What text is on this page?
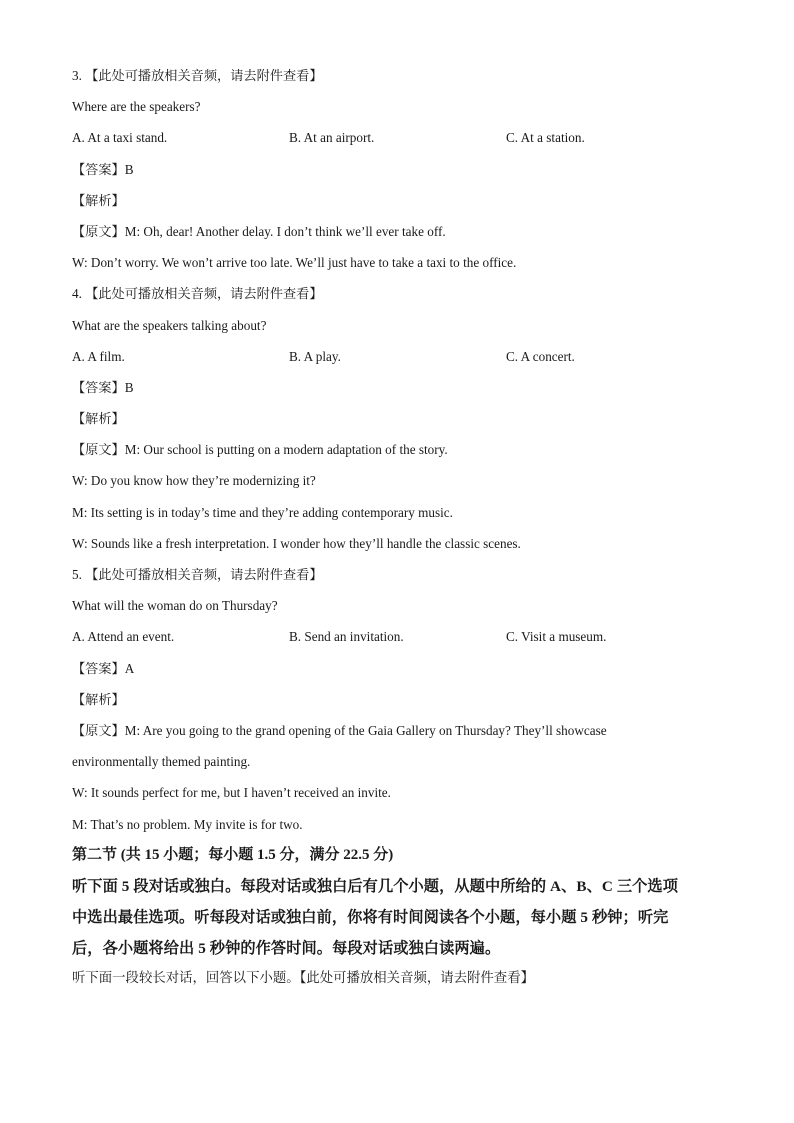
3. 【此处可播放相关音频，请去附件查看】
Where are the speakers?
A. At a taxi stand.	B. At an airport.	C. At a station.
【答案】B
【解析】
【原文】M: Oh, dear! Another delay. I don’t think we’ll ever take off.
W: Don’t worry. We won’t arrive too late. We’ll just have to take a taxi to the office.
4. 【此处可播放相关音频，请去附件查看】
What are the speakers talking about?
A. A film.	B. A play.	C. A concert.
【答案】B
【解析】
【原文】M: Our school is putting on a modern adaptation of the story.
W: Do you know how they’re modernizing it?
M: Its setting is in today’s time and they’re adding contemporary music.
W: Sounds like a fresh interpretation. I wonder how they’ll handle the classic scenes.
5. 【此处可播放相关音频，请去附件查看】
What will the woman do on Thursday?
A. Attend an event.	B. Send an invitation.	C. Visit a museum.
【答案】A
【解析】
【原文】M: Are you going to the grand opening of the Gaia Gallery on Thursday? They’ll showcase
environmentally themed painting.
W: It sounds perfect for me, but I haven’t received an invite.
M: That’s no problem. My invite is for two.
第二节 (共 15 小题；每小题 1.5 分，满分 22.5 分)
听下面 5 段对话或独白。每段对话或独白后有几个小题，从题中所给的 A、B、C 三个选项
中选出最佳选项。听每段对话或独白前，你将有时间阅读各个小题，每小题 5 秒钟；听完
后，各小题将给出 5 秒钟的作答时间。每段对话或独白读两遍。
听下面一段较长对话，回答以下小题。【此处可播放相关音频，请去附件查看】
